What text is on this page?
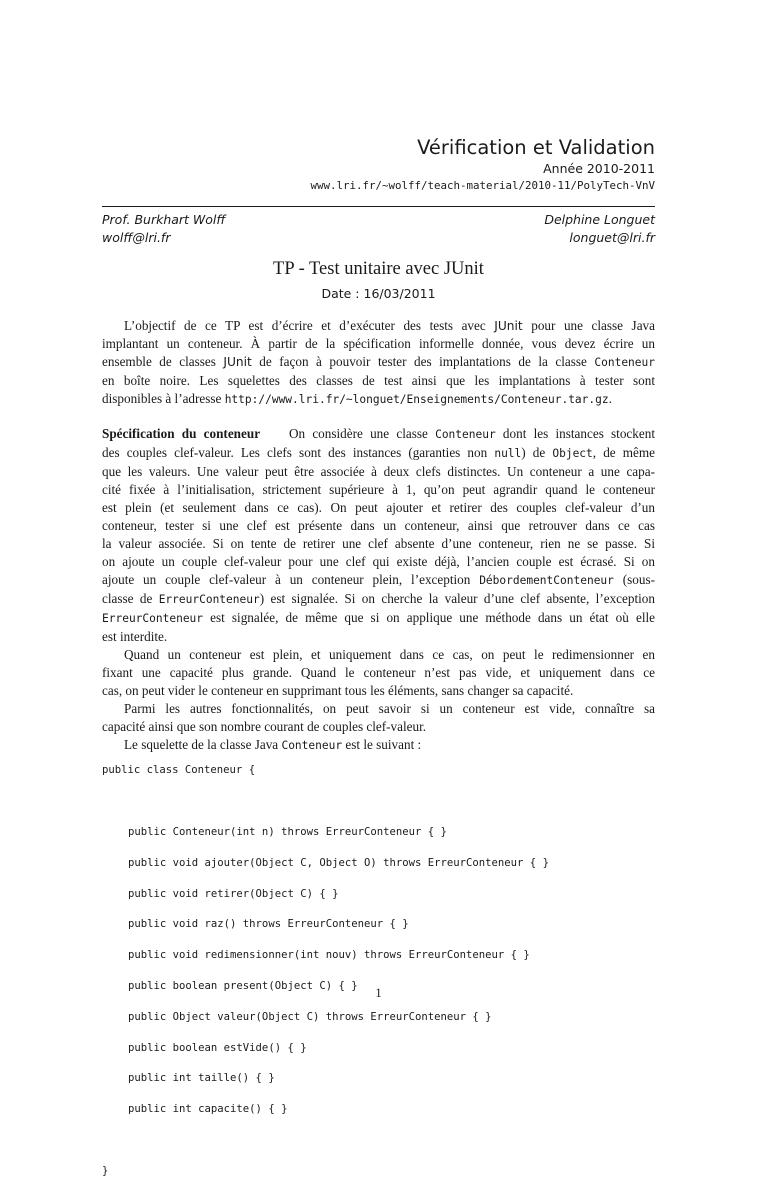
Vérification et Validation
Année 2010-2011
www.lri.fr/~wolff/teach-material/2010-11/PolyTech-VnV
Prof. Burkhart Wolff
wolff@lri.fr
Delphine Longuet
longuet@lri.fr
TP - Test unitaire avec JUnit
Date : 16/03/2011
L’objectif de ce TP est d’écrire et d’exécuter des tests avec JUnit pour une classe Java
implantant un conteneur. À partir de la spécification informelle donnée, vous devez écrire un
ensemble de classes JUnit de façon à pouvoir tester des implantations de la classe Conteneur
en boîte noire. Les squelettes des classes de test ainsi que les implantations à tester sont
disponibles à l’adresse http://www.lri.fr/~longuet/Enseignements/Conteneur.tar.gz.
Spécification du conteneur On considère une classe Conteneur dont les instances stockent
des couples clef-valeur. Les clefs sont des instances (garanties non null) de Object, de même
que les valeurs. Une valeur peut être associée à deux clefs distinctes. Un conteneur a une capa-
cité fixée à l’initialisation, strictement supérieure à 1, qu’on peut agrandir quand le conteneur
est plein (et seulement dans ce cas). On peut ajouter et retirer des couples clef-valeur d’un
conteneur, tester si une clef est présente dans un conteneur, ainsi que retrouver dans ce cas
la valeur associée. Si on tente de retirer une clef absente d’une conteneur, rien ne se passe. Si
on ajoute un couple clef-valeur pour une clef qui existe déjà, l’ancien couple est écrasé. Si on
ajoute un couple clef-valeur à un conteneur plein, l’exception DébordementConteneur (sous-
classe de ErreurConteneur) est signalée. Si on cherche la valeur d’une clef absente, l’exception
ErreurConteneur est signalée, de même que si on applique une méthode dans un état où elle
est interdite.
Quand un conteneur est plein, et uniquement dans ce cas, on peut le redimensionner en
fixant une capacité plus grande. Quand le conteneur n’est pas vide, et uniquement dans ce
cas, on peut vider le conteneur en supprimant tous les éléments, sans changer sa capacité.
Parmi les autres fonctionnalités, on peut savoir si un conteneur est vide, connaître sa
capacité ainsi que son nombre courant de couples clef-valeur.
Le squelette de la classe Java Conteneur est le suivant :

public class Conteneur {

public Conteneur(int n) throws ErreurConteneur { }

public void ajouter(Object C, Object O) throws ErreurConteneur { }

public void retirer(Object C) { }

public void raz() throws ErreurConteneur { }

public void redimensionner(int nouv) throws ErreurConteneur { }

public boolean present(Object C) { }

public Object valeur(Object C) throws ErreurConteneur { }

public boolean estVide() { }

public int taille() { }

public int capacite() { }

}

1
